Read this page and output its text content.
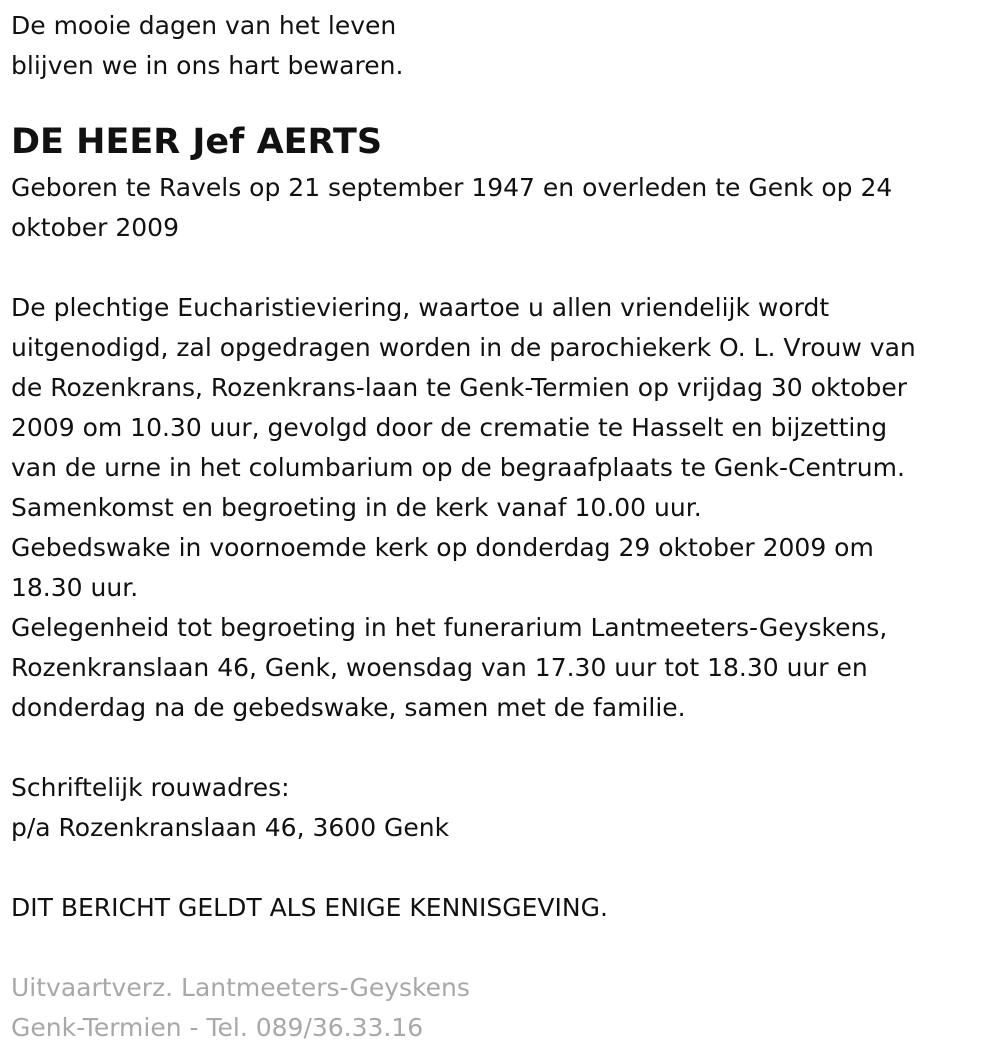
De mooie dagen van het leven

blijven we in ons hart bewaren.

DE HEER Jef AERTS

Geboren te Ravels op 21 september 1947 en overleden te Genk op 24

oktober 2009

De plechtige Eucharistieviering, waartoe u allen vriendelijk wordt

uitgenodigd, zal opgedragen worden in de parochiekerk O. L. Vrouw van

de Rozenkrans, Rozenkrans-laan te Genk-Termien op vrijdag 30 oktober

2009 om 10.30 uur, gevolgd door de crematie te Hasselt en bijzetting

van de urne in het columbarium op de begraafplaats te Genk-Centrum.

Samenkomst en begroeting in de kerk vanaf 10.00 uur.

Gebedswake in voornoemde kerk op donderdag 29 oktober 2009 om

18.30 uur.

Gelegenheid tot begroeting in het funerarium Lantmeeters-Geyskens,

Rozenkranslaan 46, Genk, woensdag van 17.30 uur tot 18.30 uur en

donderdag na de gebedswake, samen met de familie.

Schriftelijk rouwadres:

p/a Rozenkranslaan 46, 3600 Genk

DIT BERICHT GELDT ALS ENIGE KENNISGEVING.

Uitvaartverz. Lantmeeters-Geyskens

Genk-Termien - Tel. 089/36.33.16
